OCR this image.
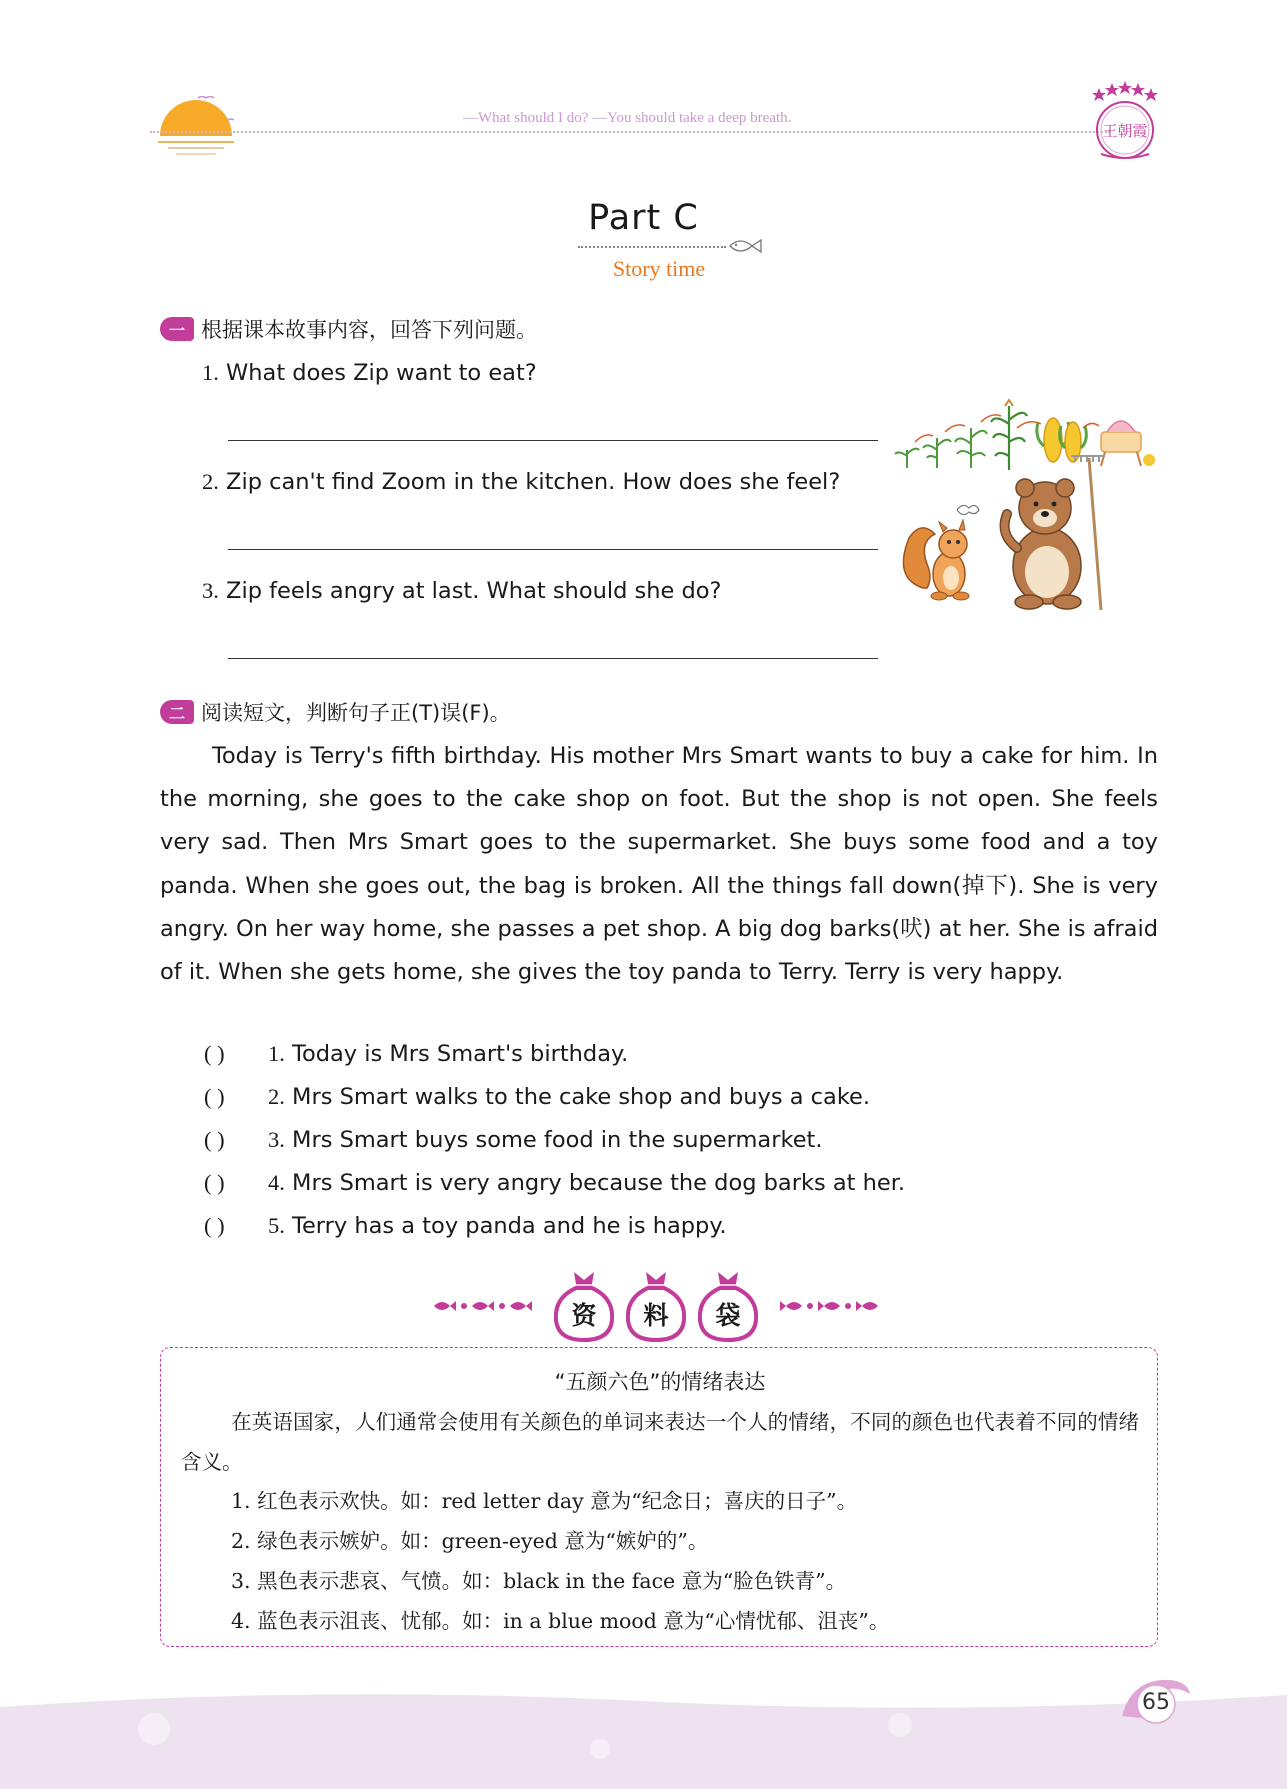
—What should I do? —You should take a deep breath.
王朝霞
Part C
Story time
一 根据课本故事内容，回答下列问题。
1. What does Zip want to eat?
2. Zip can't find Zoom in the kitchen. How does she feel?
3. Zip feels angry at last. What should she do?
二 阅读短文，判断句子正(T)误(F)。
Today is Terry's fifth birthday. His mother Mrs Smart wants to buy a cake for him. In the morning, she goes to the cake shop on foot. But the shop is not open. She feels very sad. Then Mrs Smart goes to the supermarket. She buys some food and a toy panda. When she goes out, the bag is broken. All the things fall down(掉下). She is very angry. On her way home, she passes a pet shop. A big dog barks(吠) at her. She is afraid of it. When she gets home, she gives the toy panda to Terry. Terry is very happy.
( ) 1. Today is Mrs Smart's birthday.
( ) 2. Mrs Smart walks to the cake shop and buys a cake.
( ) 3. Mrs Smart buys some food in the supermarket.
( ) 4. Mrs Smart is very angry because the dog barks at her.
( ) 5. Terry has a toy panda and he is happy.
资	料	袋
“五颜六色”的情绪表达
在英语国家，人们通常会使用有关颜色的单词来表达一个人的情绪，不同的颜色也代表着不同的情绪含义。
1. 红色表示欢快。如：red letter day 意为“纪念日；喜庆的日子”。
2. 绿色表示嫉妒。如：green-eyed 意为“嫉妒的”。
3. 黑色表示悲哀、气愤。如：black in the face 意为“脸色铁青”。
4. 蓝色表示沮丧、忧郁。如：in a blue mood 意为“心情忧郁、沮丧”。
65
